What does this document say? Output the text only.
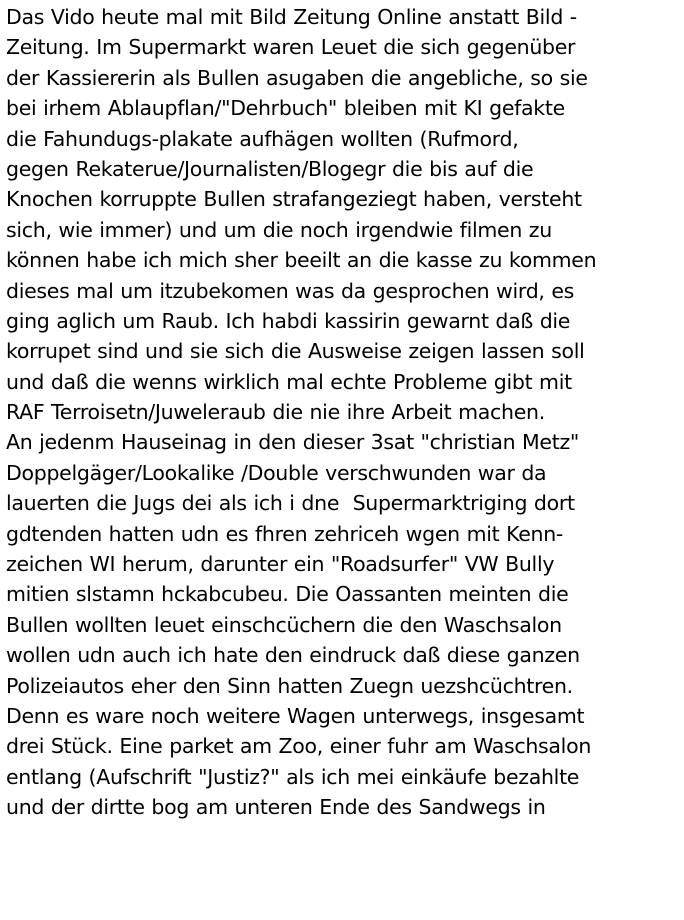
Das Vido heute mal mit Bild Zeitung Online anstatt Bild -
Zeitung. Im Supermarkt waren Leuet die sich gegenüber
der Kassiererin als Bullen asugaben die angebliche, so sie
bei irhem Ablaupflan/"Dehrbuch" bleiben mit KI gefakte
die Fahundugs-plakate aufhägen wollten (Rufmord,
gegen Rekaterue/Journalisten/Blogegr die bis auf die
Knochen korruppte Bullen strafangeziegt haben, versteht
sich, wie immer) und um die noch irgendwie filmen zu
können habe ich mich sher beeilt an die kasse zu kommen
dieses mal um itzubekomen was da gesprochen wird, es
ging aglich um Raub. Ich habdi kassirin gewarnt daß die
korrupet sind und sie sich die Ausweise zeigen lassen soll
und daß die wenns wirklich mal echte Probleme gibt mit
RAF Terroisetn/Juweleraub die nie ihre Arbeit machen.
An jedenm Hauseinag in den dieser 3sat "christian Metz"
Doppelgäger/Lookalike /Double verschwunden war da
lauerten die Jugs dei als ich i dne  Supermarktriging dort
gdtenden hatten udn es fhren zehriceh wgen mit Kenn-
zeichen WI herum, darunter ein "Roadsurfer" VW Bully
mitien slstamn hckabcubeu. Die Oassanten meinten die
Bullen wollten leuet einschcüchern die den Waschsalon
wollen udn auch ich hate den eindruck daß diese ganzen
Polizeiautos eher den Sinn hatten Zuegn uezshcüchtren.
Denn es ware noch weitere Wagen unterwegs, insgesamt
drei Stück. Eine parket am Zoo, einer fuhr am Waschsalon
entlang (Aufschrift "Justiz?" als ich mei einkäufe bezahlte
und der dirtte bog am unteren Ende des Sandwegs in
